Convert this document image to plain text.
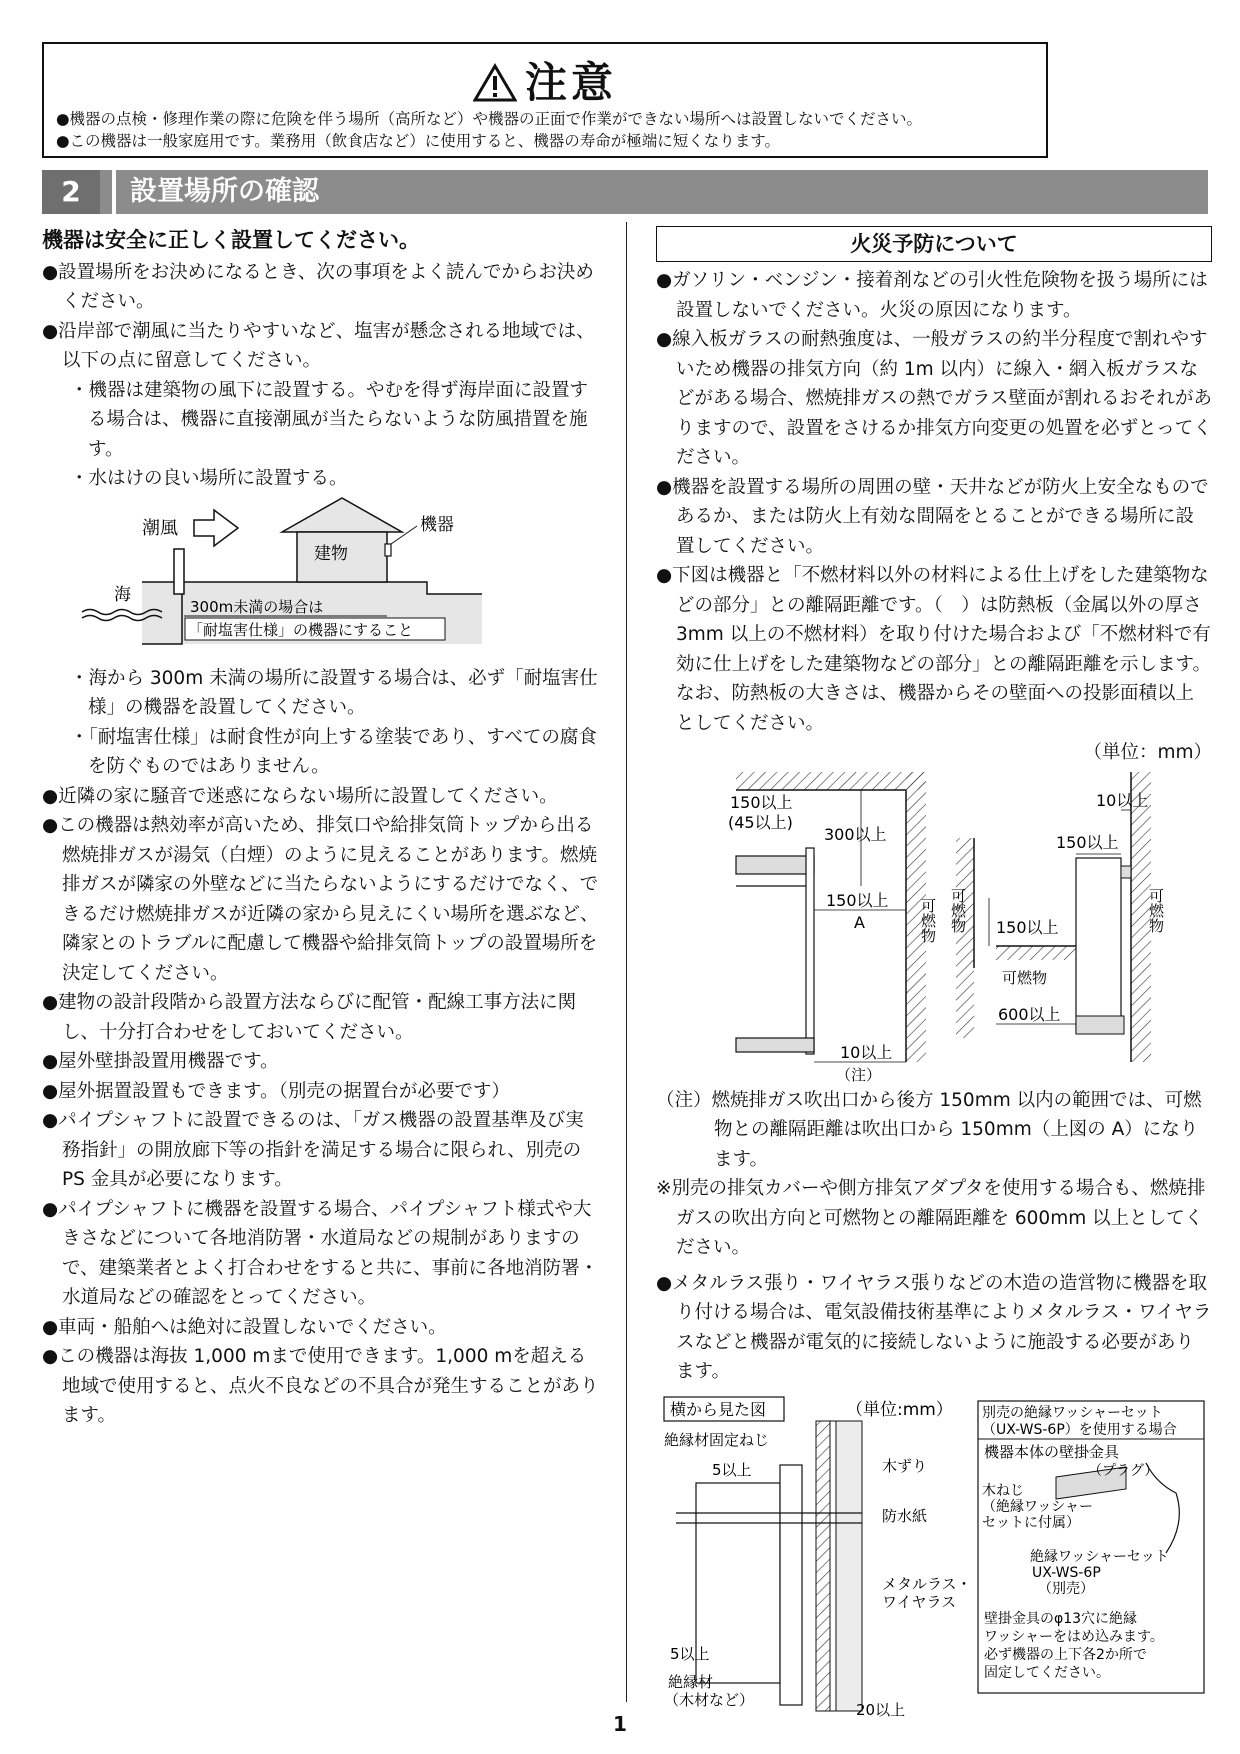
注意
●機器の点検・修理作業の際に危険を伴う場所（高所など）や機器の正面で作業ができない場所へは設置しないでください。
●この機器は一般家庭用です。業務用（飲食店など）に使用すると、機器の寿命が極端に短くなります。
2	設置場所の確認
機器は安全に正しく設置してください。
●設置場所をお決めになるとき、次の事項をよく読んでからお決めください。
●沿岸部で潮風に当たりやすいなど、塩害が懸念される地域では、以下の点に留意してください。
・機器は建築物の風下に設置する。やむを得ず海岸面に設置する場合は、機器に直接潮風が当たらないような防風措置を施す。
・水はけの良い場所に設置する。
潮風
建物
機器
海
300m未満の場合は
「耐塩害仕様」の機器にすること
・海から 300m 未満の場所に設置する場合は、必ず「耐塩害仕様」の機器を設置してください。
・「耐塩害仕様」は耐食性が向上する塗装であり、すべての腐食を防ぐものではありません。
●近隣の家に騒音で迷惑にならない場所に設置してください。
●この機器は熱効率が高いため、排気口や給排気筒トップから出る燃焼排ガスが湯気（白煙）のように見えることがあります。燃焼排ガスが隣家の外壁などに当たらないようにするだけでなく、できるだけ燃焼排ガスが近隣の家から見えにくい場所を選ぶなど、隣家とのトラブルに配慮して機器や給排気筒トップの設置場所を決定してください。
●建物の設計段階から設置方法ならびに配管・配線工事方法に関し、十分打合わせをしておいてください。
●屋外壁掛設置用機器です。
●屋外据置設置もできます。（別売の据置台が必要です）
●パイプシャフトに設置できるのは、「ガス機器の設置基準及び実務指針」の開放廊下等の指針を満足する場合に限られ、別売の PS 金具が必要になります。
●パイプシャフトに機器を設置する場合、パイプシャフト様式や大きさなどについて各地消防署・水道局などの規制がありますので、建築業者とよく打合わせをすると共に、事前に各地消防署・水道局などの確認をとってください。
●車両・船舶へは絶対に設置しないでください。
●この機器は海抜 1,000 mまで使用できます。1,000 mを超える地域で使用すると、点火不良などの不具合が発生することがあります。
火災予防について
●ガソリン・ベンジン・接着剤などの引火性危険物を扱う場所には設置しないでください。火災の原因になります。
●線入板ガラスの耐熱強度は、一般ガラスの約半分程度で割れやすいため機器の排気方向（約 1m 以内）に線入・網入板ガラスなどがある場合、燃焼排ガスの熱でガラス壁面が割れるおそれがありますので、設置をさけるか排気方向変更の処置を必ずとってください。
●機器を設置する場所の周囲の壁・天井などが防火上安全なものであるか、または防火上有効な間隔をとることができる場所に設置してください。
●下図は機器と「不燃材料以外の材料による仕上げをした建築物などの部分」との離隔距離です。（　）は防熱板（金属以外の厚さ 3mm 以上の不燃材料）を取り付けた場合および「不燃材料で有効に仕上げをした建築物などの部分」との離隔距離を示します。なお、防熱板の大きさは、機器からその壁面への投影面積以上としてください。
（単位：mm）
150以上
(45以上)
300以上
150以上
A
10以上
（注）
可燃物
可燃物
可燃物	可燃物
10以上
150以上
150以上
600以上
（注）燃焼排ガス吹出口から後方 150mm 以内の範囲では、可燃物との離隔距離は吹出口から 150mm（上図の A）になります。
※別売の排気カバーや側方排気アダプタを使用する場合も、燃焼排ガスの吹出方向と可燃物との離隔距離を 600mm 以上としてください。
●メタルラス張り・ワイヤラス張りなどの木造の造営物に機器を取り付ける場合は、電気設備技術基準によりメタルラス・ワイヤラスなどと機器が電気的に接続しないように施設する必要があります。
横から見た図	（単位:mm）
絶縁材固定ねじ
5以上	木ずり
防水紙
メタルラス・
ワイヤラス
5以上
絶縁材
（木材など）
20以上
別売の絶縁ワッシャーセット
（UX-WS-6P）を使用する場合
機器本体の壁掛金具
（プラグ）
木ねじ
（絶縁ワッシャー
セットに付属）
絶縁ワッシャーセット
UX-WS-6P
（別売）
壁掛金具のφ13穴に絶縁
ワッシャーをはめ込みます。
必ず機器の上下各2か所で
固定してください。
1
